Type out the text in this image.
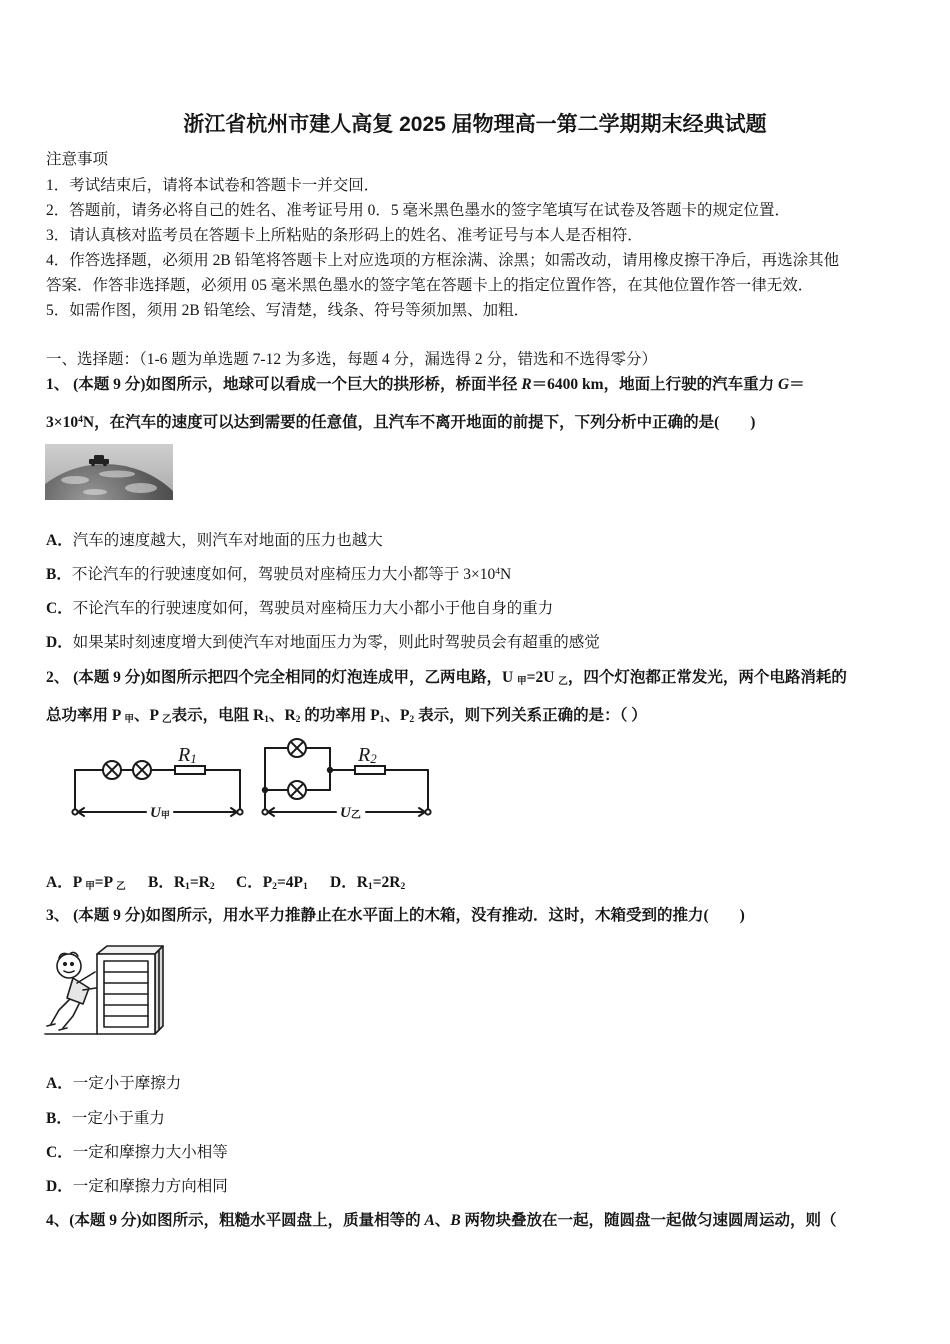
浙江省杭州市建人高复 2025 届物理高一第二学期期末经典试题
注意事项
1．考试结束后，请将本试卷和答题卡一并交回．
2．答题前，请务必将自己的姓名、准考证号用 0．5 毫米黑色墨水的签字笔填写在试卷及答题卡的规定位置．
3．请认真核对监考员在答题卡上所粘贴的条形码上的姓名、准考证号与本人是否相符．
4．作答选择题，必须用 2B 铅笔将答题卡上对应选项的方框涂满、涂黑；如需改动，请用橡皮擦干净后，再选涂其他
答案．作答非选择题，必须用 05 毫米黑色墨水的签字笔在答题卡上的指定位置作答，在其他位置作答一律无效．
5．如需作图，须用 2B 铅笔绘、写清楚，线条、符号等须加黑、加粗．
一、选择题：（1-6 题为单选题 7-12 为多选，每题 4 分，漏选得 2 分，错选和不选得零分）
1、 (本题 9 分)如图所示，地球可以看成一个巨大的拱形桥，桥面半径 R＝6400 km，地面上行驶的汽车重力 G＝
$3\times 10^4N$，在汽车的速度可以达到需要的任意值，且汽车不离开地面的前提下，下列分析中正确的是(　　)
A．汽车的速度越大，则汽车对地面的压力也越大
B．不论汽车的行驶速度如何，驾驶员对座椅压力大小都等于 $3\times 10^4N$
C．不论汽车的行驶速度如何，驾驶员对座椅压力大小都小于他自身的重力
D．如果某时刻速度增大到使汽车对地面压力为零，则此时驾驶员会有超重的感觉
2、 (本题 9 分)如图所示把四个完全相同的灯泡连成甲，乙两电路，U $_甲$=2U $_乙$，四个灯泡都正常发光，两个电路消耗的
总功率用 P $_甲$、P $_乙$表示，电阻 $R_1$、$R_2$ 的功率用 $P_1$、$P_2$ 表示，则下列关系正确的是：（ ）
R1	R2
U甲	U乙
A．P $_甲$=P $_乙$ B．$R_1=R_2$ C．$P_2=4P_1$ D．$R_1=2R_2$
3、 (本题 9 分)如图所示，用水平力推静止在水平面上的木箱，没有推动．这时，木箱受到的推力(　　)
A．一定小于摩擦力
B．一定小于重力
C．一定和摩擦力大小相等
D．一定和摩擦力方向相同
4、(本题 9 分)如图所示，粗糙水平圆盘上，质量相等的 A、B 两物块叠放在一起，随圆盘一起做匀速圆周运动，则（
